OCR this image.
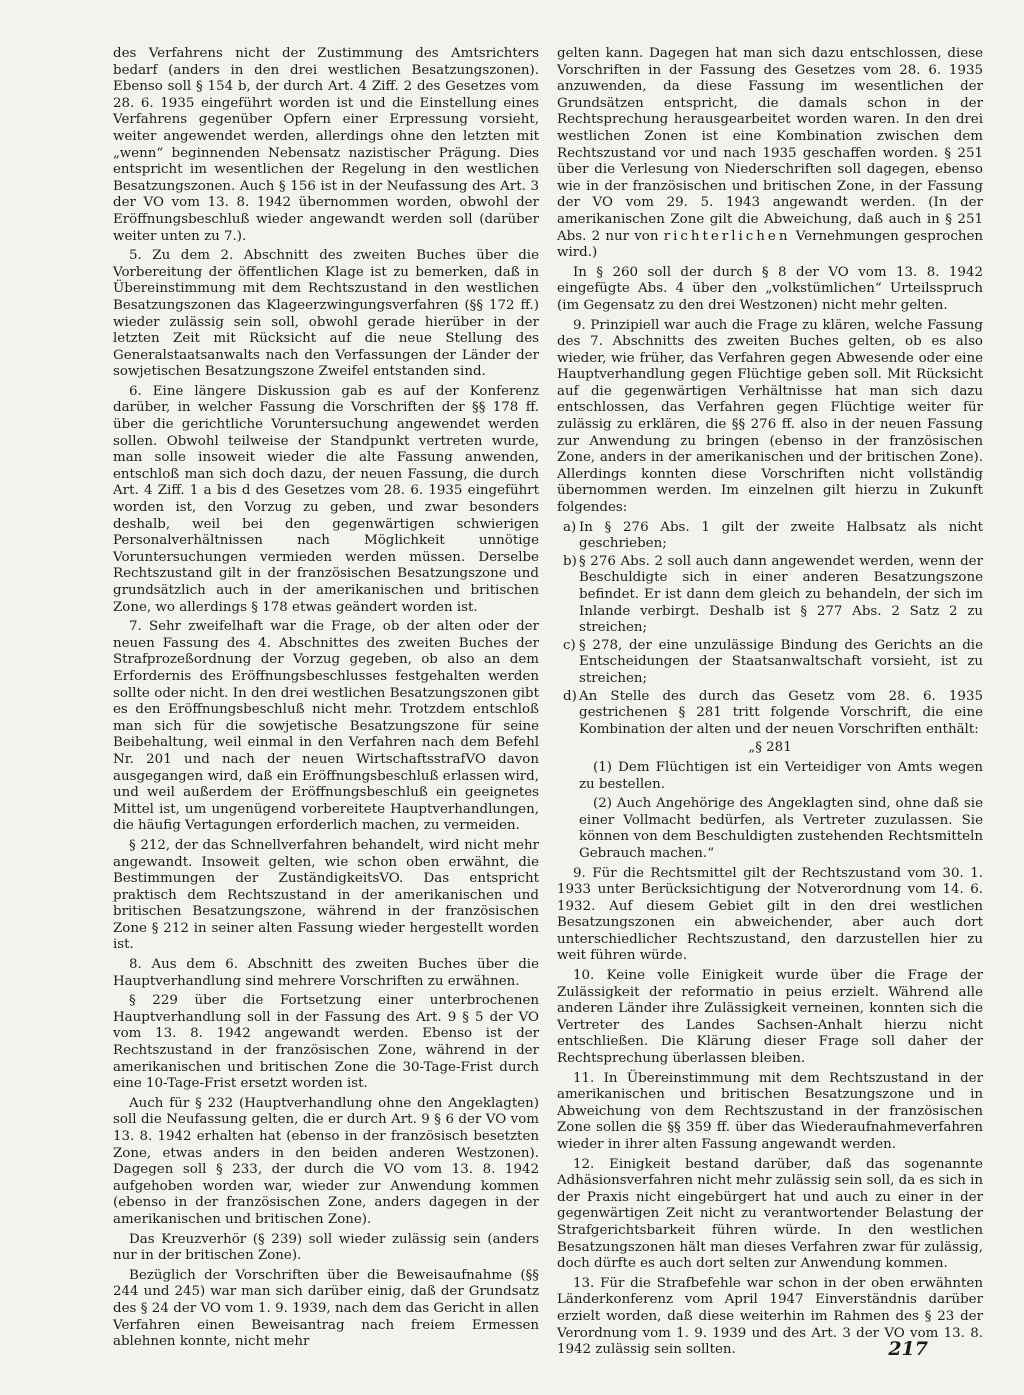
des Verfahrens nicht der Zustimmung des Amtsrichters bedarf (anders in den drei westlichen Besatzungszonen). Ebenso soll § 154 b, der durch Art. 4 Ziff. 2 des Gesetzes vom 28. 6. 1935 eingeführt worden ist und die Einstellung eines Verfahrens gegenüber Opfern einer Erpressung vorsieht, weiter angewendet werden, allerdings ohne den letzten mit „wenn“ beginnenden Nebensatz nazistischer Prägung. Dies entspricht im wesentlichen der Regelung in den westlichen Besatzungszonen. Auch § 156 ist in der Neufassung des Art. 3 der VO vom 13. 8. 1942 übernommen worden, obwohl der Eröffnungsbeschluß wieder angewandt werden soll (darüber weiter unten zu 7.).

5. Zu dem 2. Abschnitt des zweiten Buches über die Vorbereitung der öffentlichen Klage ist zu bemerken, daß in Übereinstimmung mit dem Rechtszustand in den westlichen Besatzungszonen das Klageerzwingungsverfahren (§§ 172 ff.) wieder zulässig sein soll, obwohl gerade hierüber in der letzten Zeit mit Rücksicht auf die neue Stellung des Generalstaatsanwalts nach den Verfassungen der Länder der sowjetischen Besatzungszone Zweifel entstanden sind.

6. Eine längere Diskussion gab es auf der Konferenz darüber, in welcher Fassung die Vorschriften der §§ 178 ff. über die gerichtliche Voruntersuchung angewendet werden sollen. Obwohl teilweise der Standpunkt vertreten wurde, man solle insoweit wieder die alte Fassung anwenden, entschloß man sich doch dazu, der neuen Fassung, die durch Art. 4 Ziff. 1 a bis d des Gesetzes vom 28. 6. 1935 eingeführt worden ist, den Vorzug zu geben, und zwar besonders deshalb, weil bei den gegenwärtigen schwierigen Personalverhältnissen nach Möglichkeit unnötige Voruntersuchungen vermieden werden müssen. Derselbe Rechtszustand gilt in der französischen Besatzungszone und grundsätzlich auch in der amerikanischen und britischen Zone, wo allerdings § 178 etwas geändert worden ist.

7. Sehr zweifelhaft war die Frage, ob der alten oder der neuen Fassung des 4. Abschnittes des zweiten Buches der Strafprozeßordnung der Vorzug gegeben, ob also an dem Erfordernis des Eröffnungsbeschlusses festgehalten werden sollte oder nicht. In den drei westlichen Besatzungszonen gibt es den Eröffnungsbeschluß nicht mehr. Trotzdem entschloß man sich für die sowjetische Besatzungszone für seine Beibehaltung, weil einmal in den Verfahren nach dem Befehl Nr. 201 und nach der neuen WirtschaftsstrafVO davon ausgegangen wird, daß ein Eröffnungsbeschluß erlassen wird, und weil außerdem der Eröffnungsbeschluß ein geeignetes Mittel ist, um ungenügend vorbereitete Hauptverhandlungen, die häufig Vertagungen erforderlich machen, zu vermeiden.

§ 212, der das Schnellverfahren behandelt, wird nicht mehr angewandt. Insoweit gelten, wie schon oben erwähnt, die Bestimmungen der ZuständigkeitsVO. Das entspricht praktisch dem Rechtszustand in der amerikanischen und britischen Besatzungszone, während in der französischen Zone § 212 in seiner alten Fassung wieder hergestellt worden ist.

8. Aus dem 6. Abschnitt des zweiten Buches über die Hauptverhandlung sind mehrere Vorschriften zu erwähnen.

§ 229 über die Fortsetzung einer unterbrochenen Hauptverhandlung soll in der Fassung des Art. 9 § 5 der VO vom 13. 8. 1942 angewandt werden. Ebenso ist der Rechtszustand in der französischen Zone, während in der amerikanischen und britischen Zone die 30-Tage-Frist durch eine 10-Tage-Frist ersetzt worden ist.

Auch für § 232 (Hauptverhandlung ohne den Angeklagten) soll die Neufassung gelten, die er durch Art. 9 § 6 der VO vom 13. 8. 1942 erhalten hat (ebenso in der französisch besetzten Zone, etwas anders in den beiden anderen Westzonen). Dagegen soll § 233, der durch die VO vom 13. 8. 1942 aufgehoben worden war, wieder zur Anwendung kommen (ebenso in der französischen Zone, anders dagegen in der amerikanischen und britischen Zone).

Das Kreuzverhör (§ 239) soll wieder zulässig sein (anders nur in der britischen Zone).

Bezüglich der Vorschriften über die Beweisaufnahme (§§ 244 und 245) war man sich darüber einig, daß der Grundsatz des § 24 der VO vom 1. 9. 1939, nach dem das Gericht in allen Verfahren einen Beweisantrag nach freiem Ermessen ablehnen konnte, nicht mehr

gelten kann. Dagegen hat man sich dazu entschlossen, diese Vorschriften in der Fassung des Gesetzes vom 28. 6. 1935 anzuwenden, da diese Fassung im wesentlichen der Grundsätzen entspricht, die damals schon in der Rechtsprechung herausgearbeitet worden waren. In den drei westlichen Zonen ist eine Kombination zwischen dem Rechtszustand vor und nach 1935 geschaffen worden. § 251 über die Verlesung von Niederschriften soll dagegen, ebenso wie in der französischen und britischen Zone, in der Fassung der VO vom 29. 5. 1943 angewandt werden. (In der amerikanischen Zone gilt die Abweichung, daß auch in § 251 Abs. 2 nur von richterlichen Vernehmungen gesprochen wird.)

In § 260 soll der durch § 8 der VO vom 13. 8. 1942 eingefügte Abs. 4 über den „volkstümlichen“ Urteilsspruch (im Gegensatz zu den drei Westzonen) nicht mehr gelten.

9. Prinzipiell war auch die Frage zu klären, welche Fassung des 7. Abschnitts des zweiten Buches gelten, ob es also wieder, wie früher, das Verfahren gegen Abwesende oder eine Hauptverhandlung gegen Flüchtige geben soll. Mit Rücksicht auf die gegenwärtigen Verhältnisse hat man sich dazu entschlossen, das Verfahren gegen Flüchtige weiter für zulässig zu erklären, die §§ 276 ff. also in der neuen Fassung zur Anwendung zu bringen (ebenso in der französischen Zone, anders in der amerikanischen und der britischen Zone). Allerdings konnten diese Vorschriften nicht vollständig übernommen werden. Im einzelnen gilt hierzu in Zukunft folgendes:

a) In § 276 Abs. 1 gilt der zweite Halbsatz als nicht geschrieben;

b) § 276 Abs. 2 soll auch dann angewendet werden, wenn der Beschuldigte sich in einer anderen Besatzungszone befindet. Er ist dann dem gleich zu behandeln, der sich im Inlande verbirgt. Deshalb ist § 277 Abs. 2 Satz 2 zu streichen;

c) § 278, der eine unzulässige Bindung des Gerichts an die Entscheidungen der Staatsanwaltschaft vorsieht, ist zu streichen;

d) An Stelle des durch das Gesetz vom 28. 6. 1935 gestrichenen § 281 tritt folgende Vorschrift, die eine Kombination der alten und der neuen Vorschriften enthält:

„§ 281

(1) Dem Flüchtigen ist ein Verteidiger von Amts wegen zu bestellen.

(2) Auch Angehörige des Angeklagten sind, ohne daß sie einer Vollmacht bedürfen, als Vertreter zuzulassen. Sie können von dem Beschuldigten zustehenden Rechtsmitteln Gebrauch machen.“

9. Für die Rechtsmittel gilt der Rechtszustand vom 30. 1. 1933 unter Berücksichtigung der Notverordnung vom 14. 6. 1932. Auf diesem Gebiet gilt in den drei westlichen Besatzungszonen ein abweichender, aber auch dort unterschiedlicher Rechtszustand, den darzustellen hier zu weit führen würde.

10. Keine volle Einigkeit wurde über die Frage der Zulässigkeit der reformatio in peius erzielt. Während alle anderen Länder ihre Zulässigkeit verneinen, konnten sich die Vertreter des Landes Sachsen-Anhalt hierzu nicht entschließen. Die Klärung dieser Frage soll daher der Rechtsprechung überlassen bleiben.

11. In Übereinstimmung mit dem Rechtszustand in der amerikanischen und britischen Besatzungszone und in Abweichung von dem Rechtszustand in der französischen Zone sollen die §§ 359 ff. über das Wiederaufnahmeverfahren wieder in ihrer alten Fassung angewandt werden.

12. Einigkeit bestand darüber, daß das sogenannte Adhäsionsverfahren nicht mehr zulässig sein soll, da es sich in der Praxis nicht eingebürgert hat und auch zu einer in der gegenwärtigen Zeit nicht zu verantwortender Belastung der Strafgerichtsbarkeit führen würde. In den westlichen Besatzungszonen hält man dieses Verfahren zwar für zulässig, doch dürfte es auch dort selten zur Anwendung kommen.

13. Für die Strafbefehle war schon in der oben erwähnten Länderkonferenz vom April 1947 Einverständnis darüber erzielt worden, daß diese weiterhin im Rahmen des § 23 der Verordnung vom 1. 9. 1939 und des Art. 3 der VO vom 13. 8. 1942 zulässig sein sollten.	217
